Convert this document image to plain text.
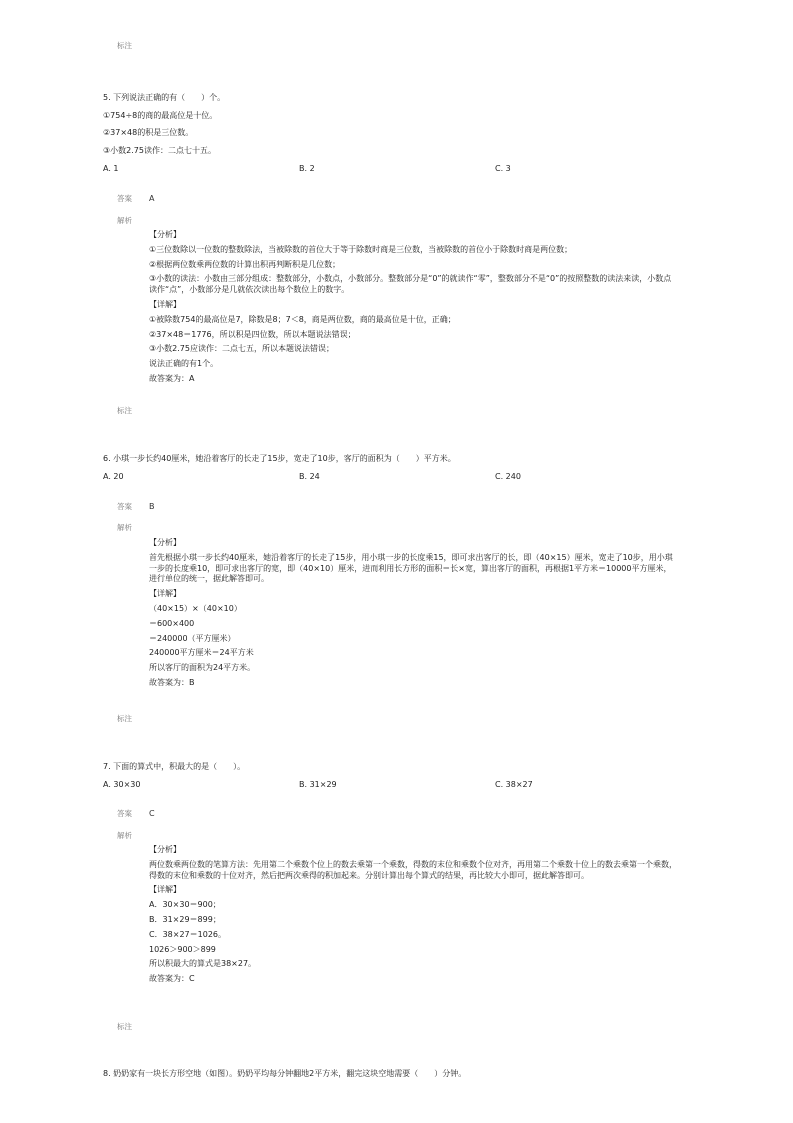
标注
5. 下列说法正确的有（　　）个。
①754÷8的商的最高位是十位。
②37×48的积是三位数。
③小数2.75读作：二点七十五。
A. 1	B. 2	C. 3
答案 A
解析

【分析】

①三位数除以一位数的整数除法，当被除数的首位大于等于除数时商是三位数，当被除数的首位小于除数时商是两位数；

②根据两位数乘两位数的计算出积再判断积是几位数；

③小数的读法：小数由三部分组成：整数部分，小数点，小数部分。整数部分是“0”的就读作“零”，整数部分不是“0”的按照整数的读法来读，小数点读作“点”，小数部分是几就依次读出每个数位上的数字。

【详解】

①被除数754的最高位是7，除数是8；7＜8，商是两位数，商的最高位是十位，正确；

②37×48＝1776，所以积是四位数，所以本题说法错误；

③小数2.75应读作：二点七五，所以本题说法错误；

说法正确的有1个。

故答案为：A

标注
6. 小琪一步长约40厘米，她沿着客厅的长走了15步，宽走了10步，客厅的面积为（　　）平方米。
A. 20	B. 24	C. 240
答案 B
解析

【分析】

首先根据小琪一步长约40厘米，她沿着客厅的长走了15步，用小琪一步的长度乘15，即可求出客厅的长，即（40×15）厘米，宽走了10步，用小琪一步的长度乘10，即可求出客厅的宽，即（40×10）厘米，进而利用长方形的面积＝长×宽，算出客厅的面积，再根据1平方米＝10000平方厘米，进行单位的统一，据此解答即可。

【详解】

（40×15）×（40×10）

＝600×400

＝240000（平方厘米）

240000平方厘米＝24平方米

所以客厅的面积为24平方米。

故答案为：B

标注
7. 下面的算式中，积最大的是（　　）。
A. 30×30	B. 31×29	C. 38×27
答案 C
解析

【分析】

两位数乘两位数的笔算方法：先用第二个乘数个位上的数去乘第一个乘数，得数的末位和乘数个位对齐，再用第二个乘数十位上的数去乘第一个乘数，得数的末位和乘数的十位对齐，然后把两次乘得的积加起来。分别计算出每个算式的结果，再比较大小即可，据此解答即可。

【详解】

A．30×30＝900；

B．31×29＝899；

C．38×27＝1026。

1026＞900＞899

所以积最大的算式是38×27。

故答案为：C

标注
8. 奶奶家有一块长方形空地（如图）。奶奶平均每分钟翻地2平方米，翻完这块空地需要（　　）分钟。
